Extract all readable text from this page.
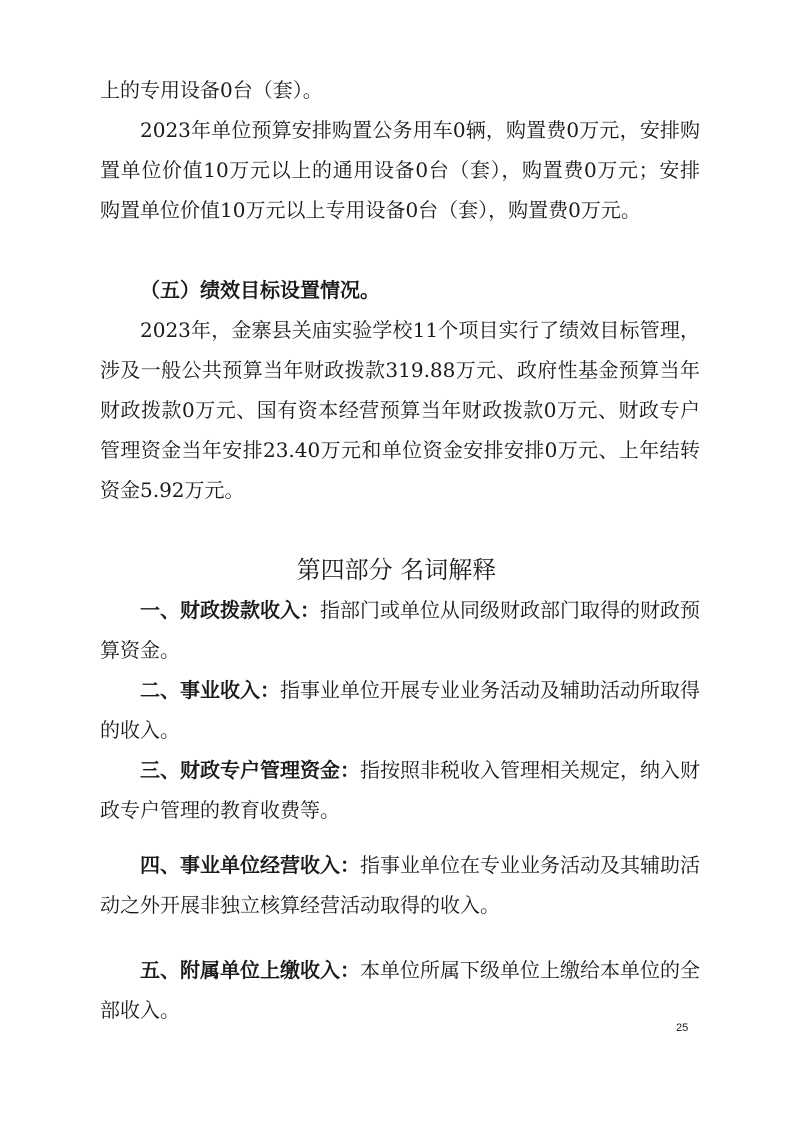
上的专用设备0台（套）。
2023年单位预算安排购置公务用车0辆，购置费0万元，安排购置单位价值10万元以上的通用设备0台（套），购置费0万元；安排购置单位价值10万元以上专用设备0台（套），购置费0万元。
（五）绩效目标设置情况。
2023年，金寨县关庙实验学校11个项目实行了绩效目标管理，涉及一般公共预算当年财政拨款319.88万元、政府性基金预算当年财政拨款0万元、国有资本经营预算当年财政拨款0万元、财政专户管理资金当年安排23.40万元和单位资金安排安排0万元、上年结转资金5.92万元。
第四部分 名词解释
一、财政拨款收入：指部门或单位从同级财政部门取得的财政预算资金。
二、事业收入：指事业单位开展专业业务活动及辅助活动所取得的收入。
三、财政专户管理资金：指按照非税收入管理相关规定，纳入财政专户管理的教育收费等。
四、事业单位经营收入：指事业单位在专业业务活动及其辅助活动之外开展非独立核算经营活动取得的收入。
五、附属单位上缴收入：本单位所属下级单位上缴给本单位的全部收入。
25
